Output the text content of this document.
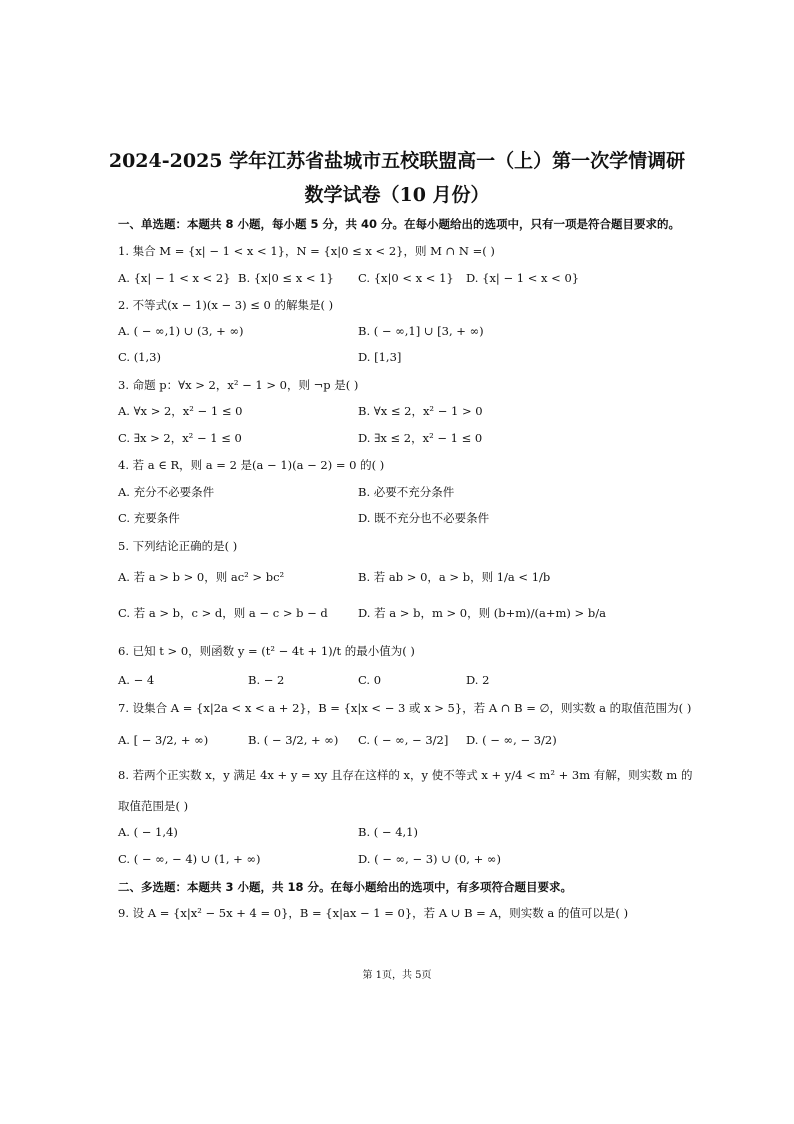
2024-2025 学年江苏省盐城市五校联盟高一（上）第一次学情调研
数学试卷（10 月份）
一、单选题：本题共 8 小题，每小题 5 分，共 40 分。在每小题给出的选项中，只有一项是符合题目要求的。
1. 集合 M = {x| − 1 < x < 1}，N = {x|0 ≤ x < 2}，则 M ∩ N =( )
A. {x| − 1 < x < 2} B. {x|0 ≤ x < 1} C. {x|0 < x < 1} D. {x| − 1 < x < 0}
2. 不等式(x − 1)(x − 3) ≤ 0 的解集是( )
A. ( − ∞,1) ∪ (3, + ∞)	B. ( − ∞,1] ∪ [3, + ∞)
C. (1,3)	D. [1,3]
3. 命题 p：∀x > 2，x² − 1 > 0，则 ¬p 是( )
A. ∀x > 2，x² − 1 ≤ 0	B. ∀x ≤ 2，x² − 1 > 0
C. ∃x > 2，x² − 1 ≤ 0	D. ∃x ≤ 2，x² − 1 ≤ 0
4. 若 a ∈ R，则 a = 2 是(a − 1)(a − 2) = 0 的( )
A. 充分不必要条件	B. 必要不充分条件
C. 充要条件	D. 既不充分也不必要条件
5. 下列结论正确的是( )
A. 若 a > b > 0，则 ac² > bc²	B. 若 ab > 0，a > b，则 1/a < 1/b
C. 若 a > b，c > d，则 a − c > b − d	D. 若 a > b，m > 0，则 (b+m)/(a+m) > b/a
6. 已知 t > 0，则函数 y = (t² − 4t + 1)/t 的最小值为( )
A. − 4	B. − 2	C. 0	D. 2
7. 设集合 A = {x|2a < x < a + 2}，B = {x|x < − 3 或 x > 5}，若 A ∩ B = ∅，则实数 a 的取值范围为( )
A. [ − 3/2, + ∞)	B. ( − 3/2, + ∞) C. ( − ∞, − 3/2] D. ( − ∞, − 3/2)
8. 若两个正实数 x，y 满足 4x + y = xy 且存在这样的 x，y 使不等式 x + y/4 < m² + 3m 有解，则实数 m 的
取值范围是( )
A. ( − 1,4)	B. ( − 4,1)
C. ( − ∞, − 4) ∪ (1, + ∞)	D. ( − ∞, − 3) ∪ (0, + ∞)
二、多选题：本题共 3 小题，共 18 分。在每小题给出的选项中，有多项符合题目要求。
9. 设 A = {x|x² − 5x + 4 = 0}，B = {x|ax − 1 = 0}，若 A ∪ B = A，则实数 a 的值可以是( )
第 1页，共 5页
